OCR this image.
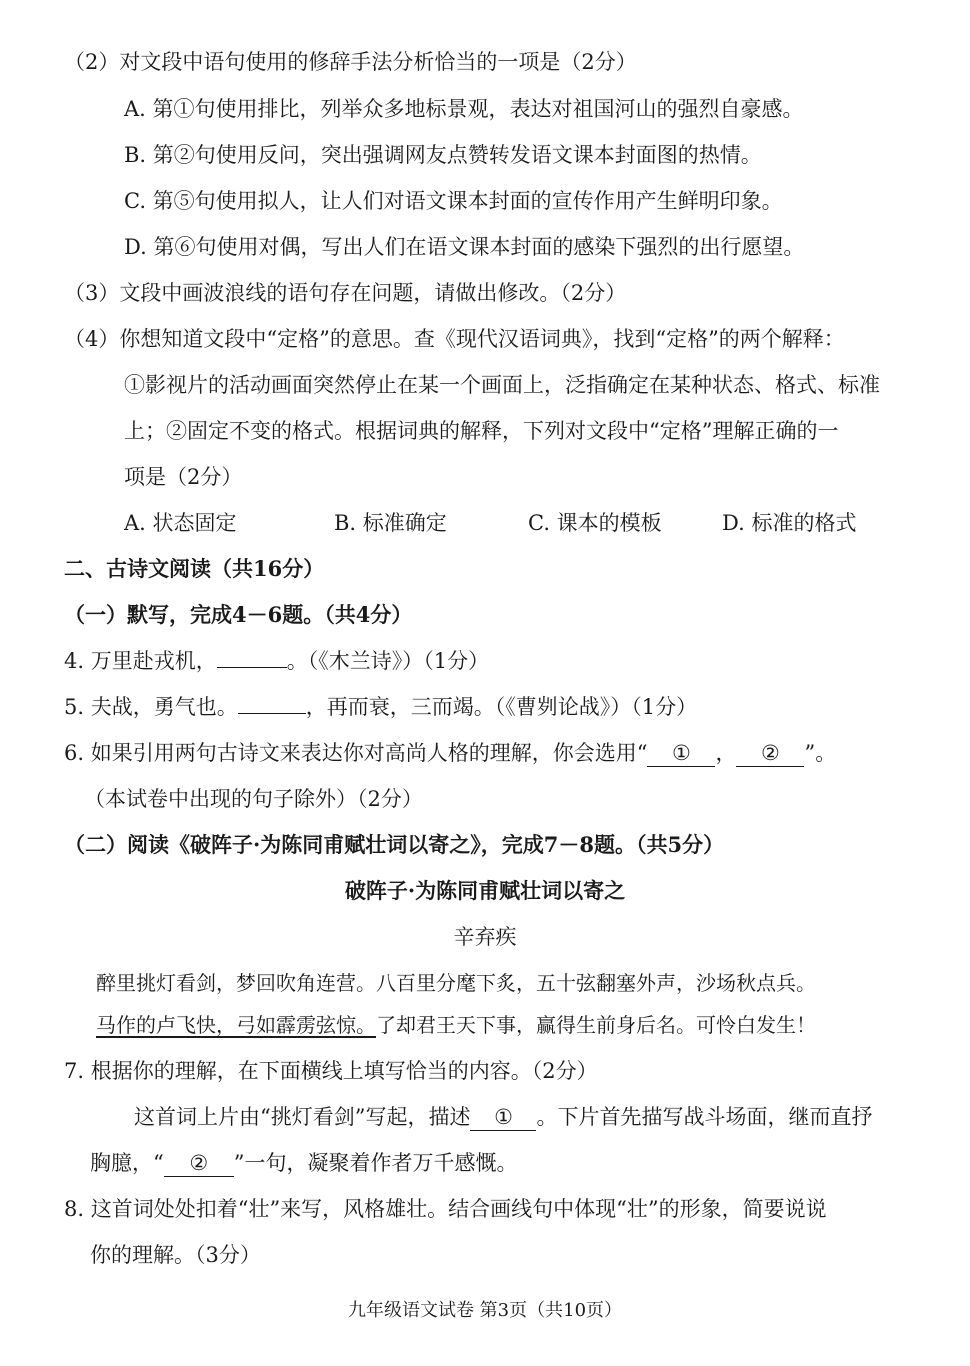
（2）对文段中语句使用的修辞手法分析恰当的一项是（2分）
A. 第①句使用排比，列举众多地标景观，表达对祖国河山的强烈自豪感。
B. 第②句使用反问，突出强调网友点赞转发语文课本封面图的热情。
C. 第⑤句使用拟人，让人们对语文课本封面的宣传作用产生鲜明印象。
D. 第⑥句使用对偶，写出人们在语文课本封面的感染下强烈的出行愿望。
（3）文段中画波浪线的语句存在问题，请做出修改。（2分）
（4）你想知道文段中“定格”的意思。查《现代汉语词典》，找到“定格”的两个解释：
①影视片的活动画面突然停止在某一个画面上，泛指确定在某种状态、格式、标准
上；②固定不变的格式。根据词典的解释，下列对文段中“定格”理解正确的一
项是（2分）
A. 状态固定	B. 标准确定	C. 课本的模板	D. 标准的格式
二、古诗文阅读（共16分）
（一）默写，完成4－6题。（共4分）
4. 万里赴戎机，	。（《木兰诗》）（1分）
5. 夫战，勇气也。	，再而衰，三而竭。（《曹刿论战》）（1分）
6. 如果引用两句古诗文来表达你对高尚人格的理解，你会选用“ ① ， ② ”。
（本试卷中出现的句子除外）（2分）
（二）阅读《破阵子·为陈同甫赋壮词以寄之》，完成7－8题。（共5分）
破阵子·为陈同甫赋壮词以寄之
辛弃疾
醉里挑灯看剑，梦回吹角连营。八百里分麾下炙，五十弦翻塞外声，沙场秋点兵。
马作的卢飞快，弓如霹雳弦惊。了却君王天下事，赢得生前身后名。可怜白发生！
7. 根据你的理解，在下面横线上填写恰当的内容。（2分）
这首词上片由“挑灯看剑”写起，描述 ① 。下片首先描写战斗场面，继而直抒
胸臆，“ ② ”一句，凝聚着作者万千感慨。
8. 这首词处处扣着“壮”来写，风格雄壮。结合画线句中体现“壮”的形象，简要说说
你的理解。（3分）
九年级语文试卷 第3页（共10页）
